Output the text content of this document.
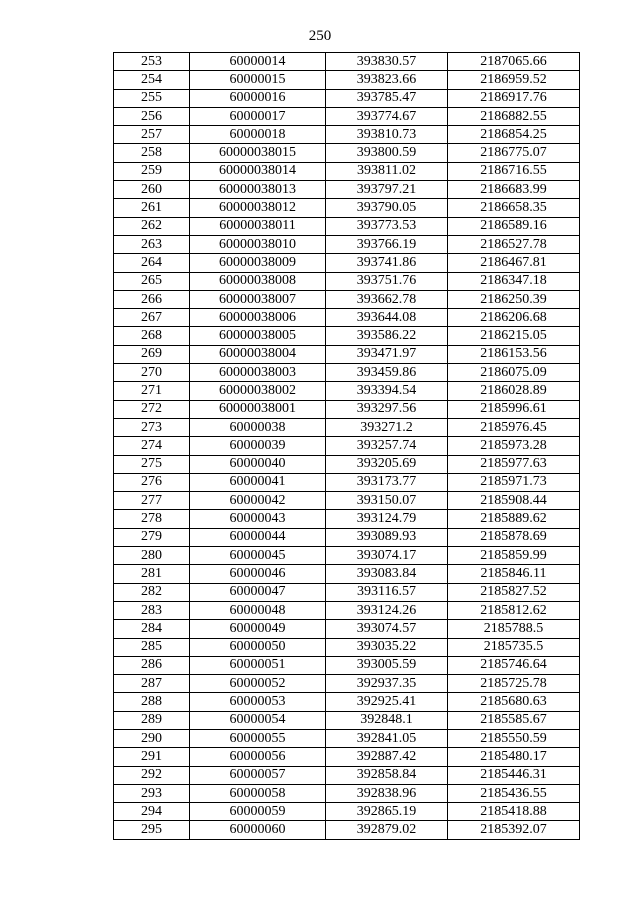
250
253	60000014	393830.57	2187065.66
254	60000015	393823.66	2186959.52
255	60000016	393785.47	2186917.76
256	60000017	393774.67	2186882.55
257	60000018	393810.73	2186854.25
258	60000038015	393800.59	2186775.07
259	60000038014	393811.02	2186716.55
260	60000038013	393797.21	2186683.99
261	60000038012	393790.05	2186658.35
262	60000038011	393773.53	2186589.16
263	60000038010	393766.19	2186527.78
264	60000038009	393741.86	2186467.81
265	60000038008	393751.76	2186347.18
266	60000038007	393662.78	2186250.39
267	60000038006	393644.08	2186206.68
268	60000038005	393586.22	2186215.05
269	60000038004	393471.97	2186153.56
270	60000038003	393459.86	2186075.09
271	60000038002	393394.54	2186028.89
272	60000038001	393297.56	2185996.61
273	60000038	393271.2	2185976.45
274	60000039	393257.74	2185973.28
275	60000040	393205.69	2185977.63
276	60000041	393173.77	2185971.73
277	60000042	393150.07	2185908.44
278	60000043	393124.79	2185889.62
279	60000044	393089.93	2185878.69
280	60000045	393074.17	2185859.99
281	60000046	393083.84	2185846.11
282	60000047	393116.57	2185827.52
283	60000048	393124.26	2185812.62
284	60000049	393074.57	2185788.5
285	60000050	393035.22	2185735.5
286	60000051	393005.59	2185746.64
287	60000052	392937.35	2185725.78
288	60000053	392925.41	2185680.63
289	60000054	392848.1	2185585.67
290	60000055	392841.05	2185550.59
291	60000056	392887.42	2185480.17
292	60000057	392858.84	2185446.31
293	60000058	392838.96	2185436.55
294	60000059	392865.19	2185418.88
295	60000060	392879.02	2185392.07
